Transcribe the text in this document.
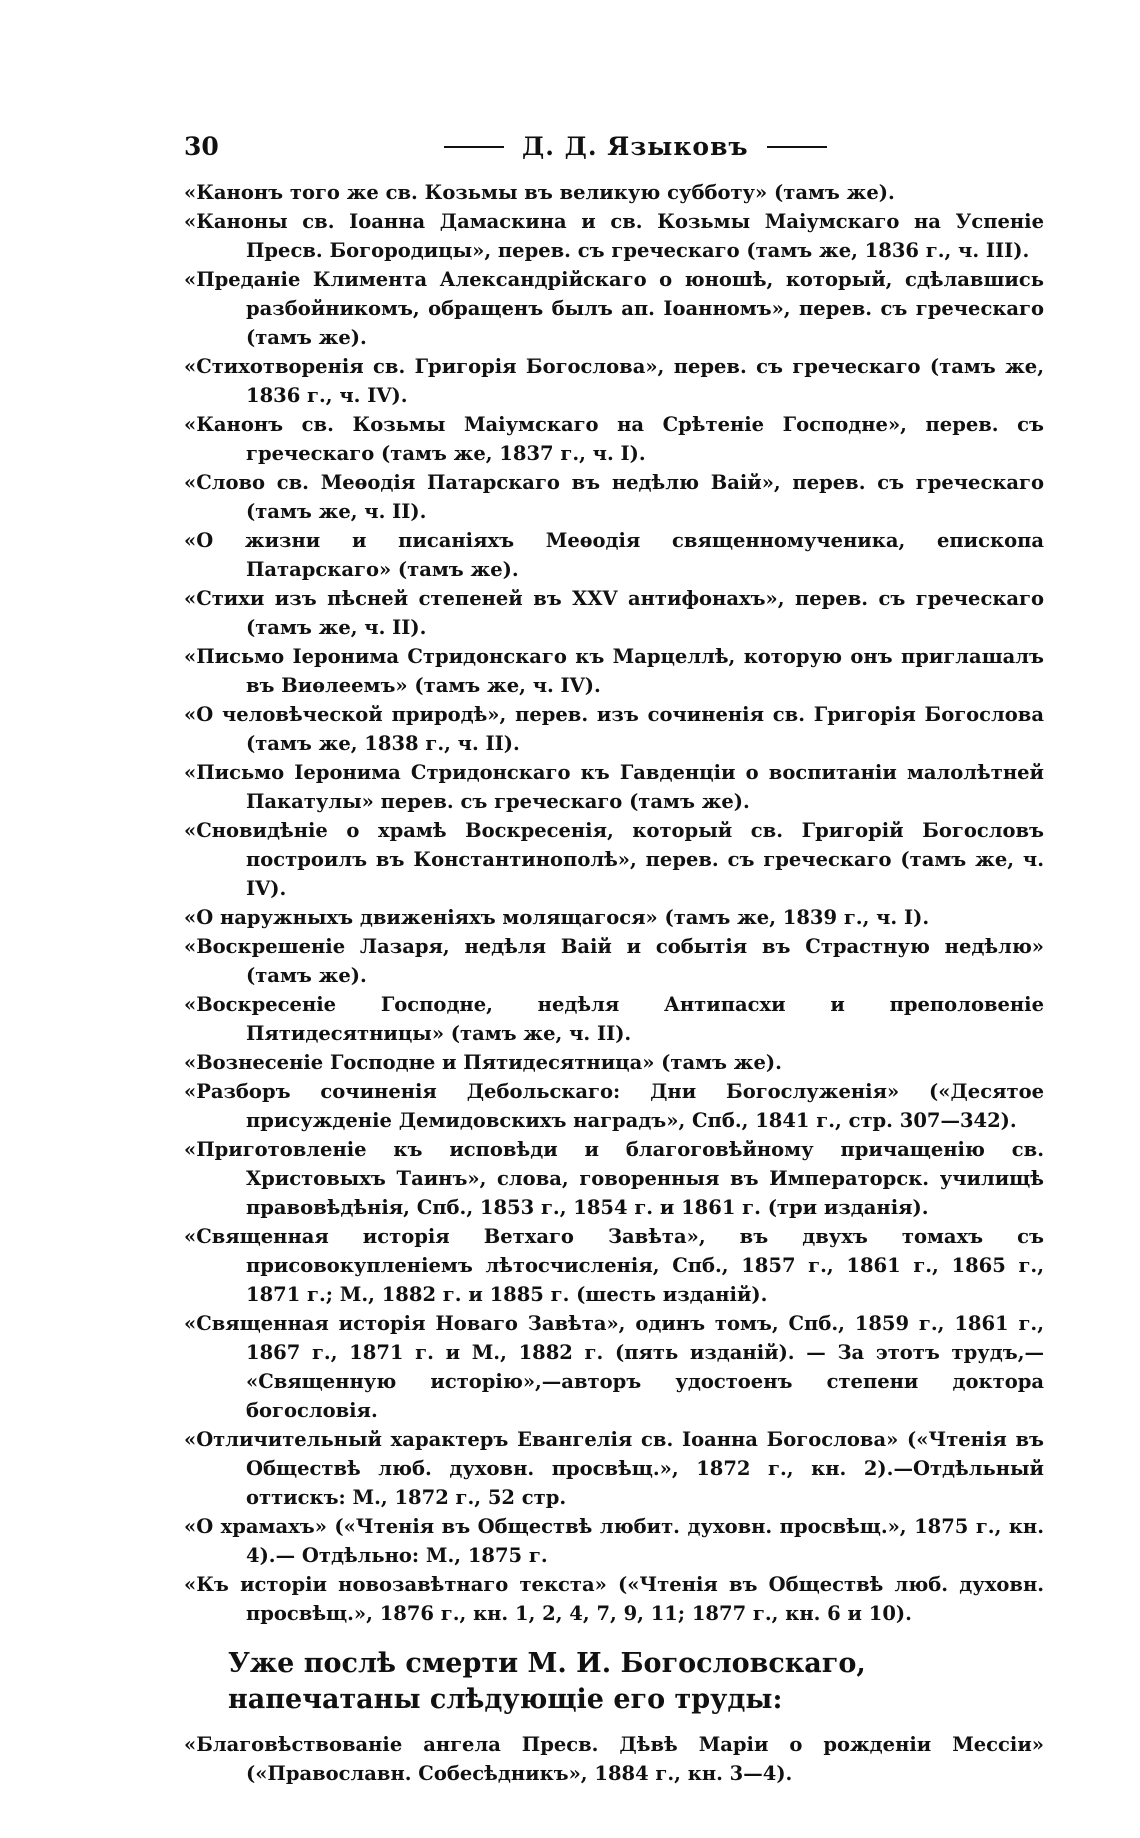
30	Д. Д. Языковъ

«Канонъ того же св. Козьмы въ великую субботу» (тамъ же).

«Каноны св. Іоанна Дамаскина и св. Козьмы Маіумскаго на Успеніе Пресв. Богородицы», перев. съ греческаго (тамъ же, 1836 г., ч. III).

«Преданіе Климента Александрійскаго о юношѣ, который, сдѣлавшись разбойникомъ, обращенъ былъ ап. Іоанномъ», перев. съ греческаго (тамъ же).

«Стихотворенія св. Григорія Богослова», перев. съ греческаго (тамъ же, 1836 г., ч. IV).

«Канонъ св. Козьмы Маіумскаго на Срѣтеніе Господне», перев. съ греческаго (тамъ же, 1837 г., ч. I).

«Слово св. Меѳодія Патарскаго въ недѣлю Ваій», перев. съ греческаго (тамъ же, ч. II).

«О жизни и писаніяхъ Меѳодія священномученика, епископа Патарскаго» (тамъ же).

«Стихи изъ пѣсней степеней въ XXV антифонахъ», перев. съ греческаго (тамъ же, ч. II).

«Письмо Іеронима Стридонскаго къ Марцеллѣ, которую онъ приглашалъ въ Виѳлеемъ» (тамъ же, ч. IV).

«О человѣческой природѣ», перев. изъ сочиненія св. Григорія Богослова (тамъ же, 1838 г., ч. II).

«Письмо Іеронима Стридонскаго къ Гавденціи о воспитаніи малолѣтней Пакатулы» перев. съ греческаго (тамъ же).

«Сновидѣніе о храмѣ Воскресенія, который св. Григорій Богословъ построилъ въ Константинополѣ», перев. съ греческаго (тамъ же, ч. IV).

«О наружныхъ движеніяхъ молящагося» (тамъ же, 1839 г., ч. I).

«Воскрешеніе Лазаря, недѣля Ваій и событія въ Страстную недѣлю» (тамъ же).

«Воскресеніе Господне, недѣля Антипасхи и преполовеніе Пятидесятницы» (тамъ же, ч. II).

«Вознесеніе Господне и Пятидесятница» (тамъ же).

«Разборъ сочиненія Дебольскаго: Дни Богослуженія» («Десятое присужденіе Демидовскихъ наградъ», Спб., 1841 г., стр. 307—342).

«Приготовленіе къ исповѣди и благоговѣйному причащенію св. Христовыхъ Таинъ», слова, говоренныя въ Императорск. училищѣ правовѣдѣнія, Спб., 1853 г., 1854 г. и 1861 г. (три изданія).

«Священная исторія Ветхаго Завѣта», въ двухъ томахъ съ присовокупленіемъ лѣтосчисленія, Спб., 1857 г., 1861 г., 1865 г., 1871 г.; М., 1882 г. и 1885 г. (шесть изданій).

«Священная исторія Новаго Завѣта», одинъ томъ, Спб., 1859 г., 1861 г., 1867 г., 1871 г. и М., 1882 г. (пять изданій). — За этотъ трудъ,— «Священную исторію»,—авторъ удостоенъ степени доктора богословія.

«Отличительный характеръ Евангелія св. Іоанна Богослова» («Чтенія въ Обществѣ люб. духовн. просвѣщ.», 1872 г., кн. 2).—Отдѣльный оттискъ: М., 1872 г., 52 стр.

«О храмахъ» («Чтенія въ Обществѣ любит. духовн. просвѣщ.», 1875 г., кн. 4).— Отдѣльно: М., 1875 г.

«Къ исторіи новозавѣтнаго текста» («Чтенія въ Обществѣ люб. духовн. просвѣщ.», 1876 г., кн. 1, 2, 4, 7, 9, 11; 1877 г., кн. 6 и 10).

Уже послѣ смерти М. И. Богословскаго, напечатаны слѣдующіе его труды:

«Благовѣствованіе ангела Пресв. Дѣвѣ Маріи о рожденіи Мессіи» («Православн. Собесѣдникъ», 1884 г., кн. 3—4).
